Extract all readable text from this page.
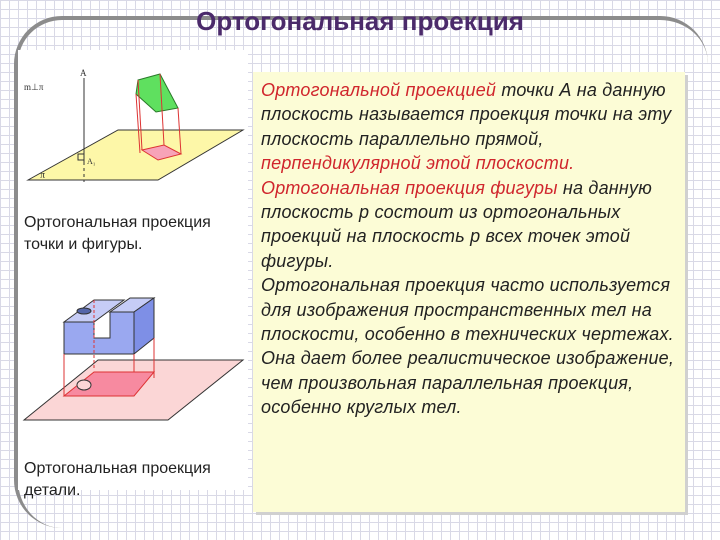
Ортогональная проекция
m⊥π
A
A₁
π
Ортогональная проекция
точки и фигуры.
Ортогональная проекция
детали.

Ортогональной проекцией точки А на данную плоскость называется проекция точки на эту плоскость параллельно прямой, перпендикулярной этой плоскости. Ортогональная проекция фигуры на данную плоскость р состоит из ортогональных проекций на плоскость р всех точек этой фигуры.

Ортогональная проекция часто используется для изображения пространственных тел на плоскости, особенно в технических чертежах. Она дает более реалистическое изображение, чем произвольная параллельная проекция, особенно круглых тел.
